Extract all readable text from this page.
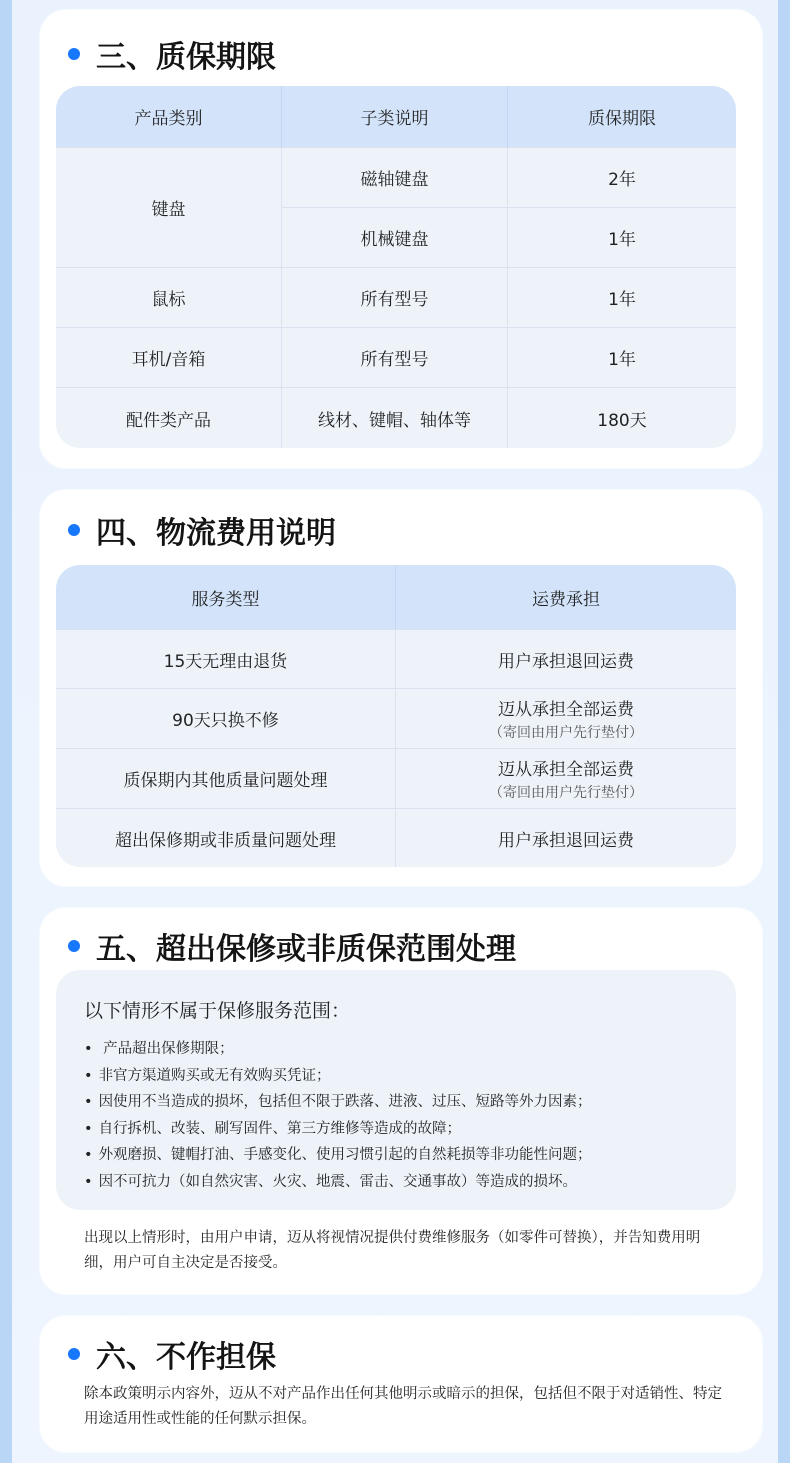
三、质保期限
产品类别	子类说明	质保期限
键盘	磁轴键盘	2年
	机械键盘	1年
鼠标	所有型号	1年
耳机/音箱	所有型号	1年
配件类产品	线材、键帽、轴体等	180天
四、物流费用说明
服务类型	运费承担
15天无理由退货	用户承担退回运费
90天只换不修	迈从承担全部运费
（寄回由用户先行垫付）

质保期内其他质量问题处理	迈从承担全部运费
（寄回由用户先行垫付）

超出保修期或非质量问题处理	用户承担退回运费
五、超出保修或非质保范围处理
以下情形不属于保修服务范围：
• 产品超出保修期限；
• 非官方渠道购买或无有效购买凭证；
• 因使用不当造成的损坏，包括但不限于跌落、进液、过压、短路等外力因素；
• 自行拆机、改装、刷写固件、第三方维修等造成的故障；
• 外观磨损、键帽打油、手感变化、使用习惯引起的自然耗损等非功能性问题；
• 因不可抗力（如自然灾害、火灾、地震、雷击、交通事故）等造成的损坏。
出现以上情形时，由用户申请，迈从将视情况提供付费维修服务（如零件可替换），并告知费用明细，用户可自主决定是否接受。
六、不作担保
除本政策明示内容外，迈从不对产品作出任何其他明示或暗示的担保，包括但不限于对适销性、特定用途适用性或性能的任何默示担保。
